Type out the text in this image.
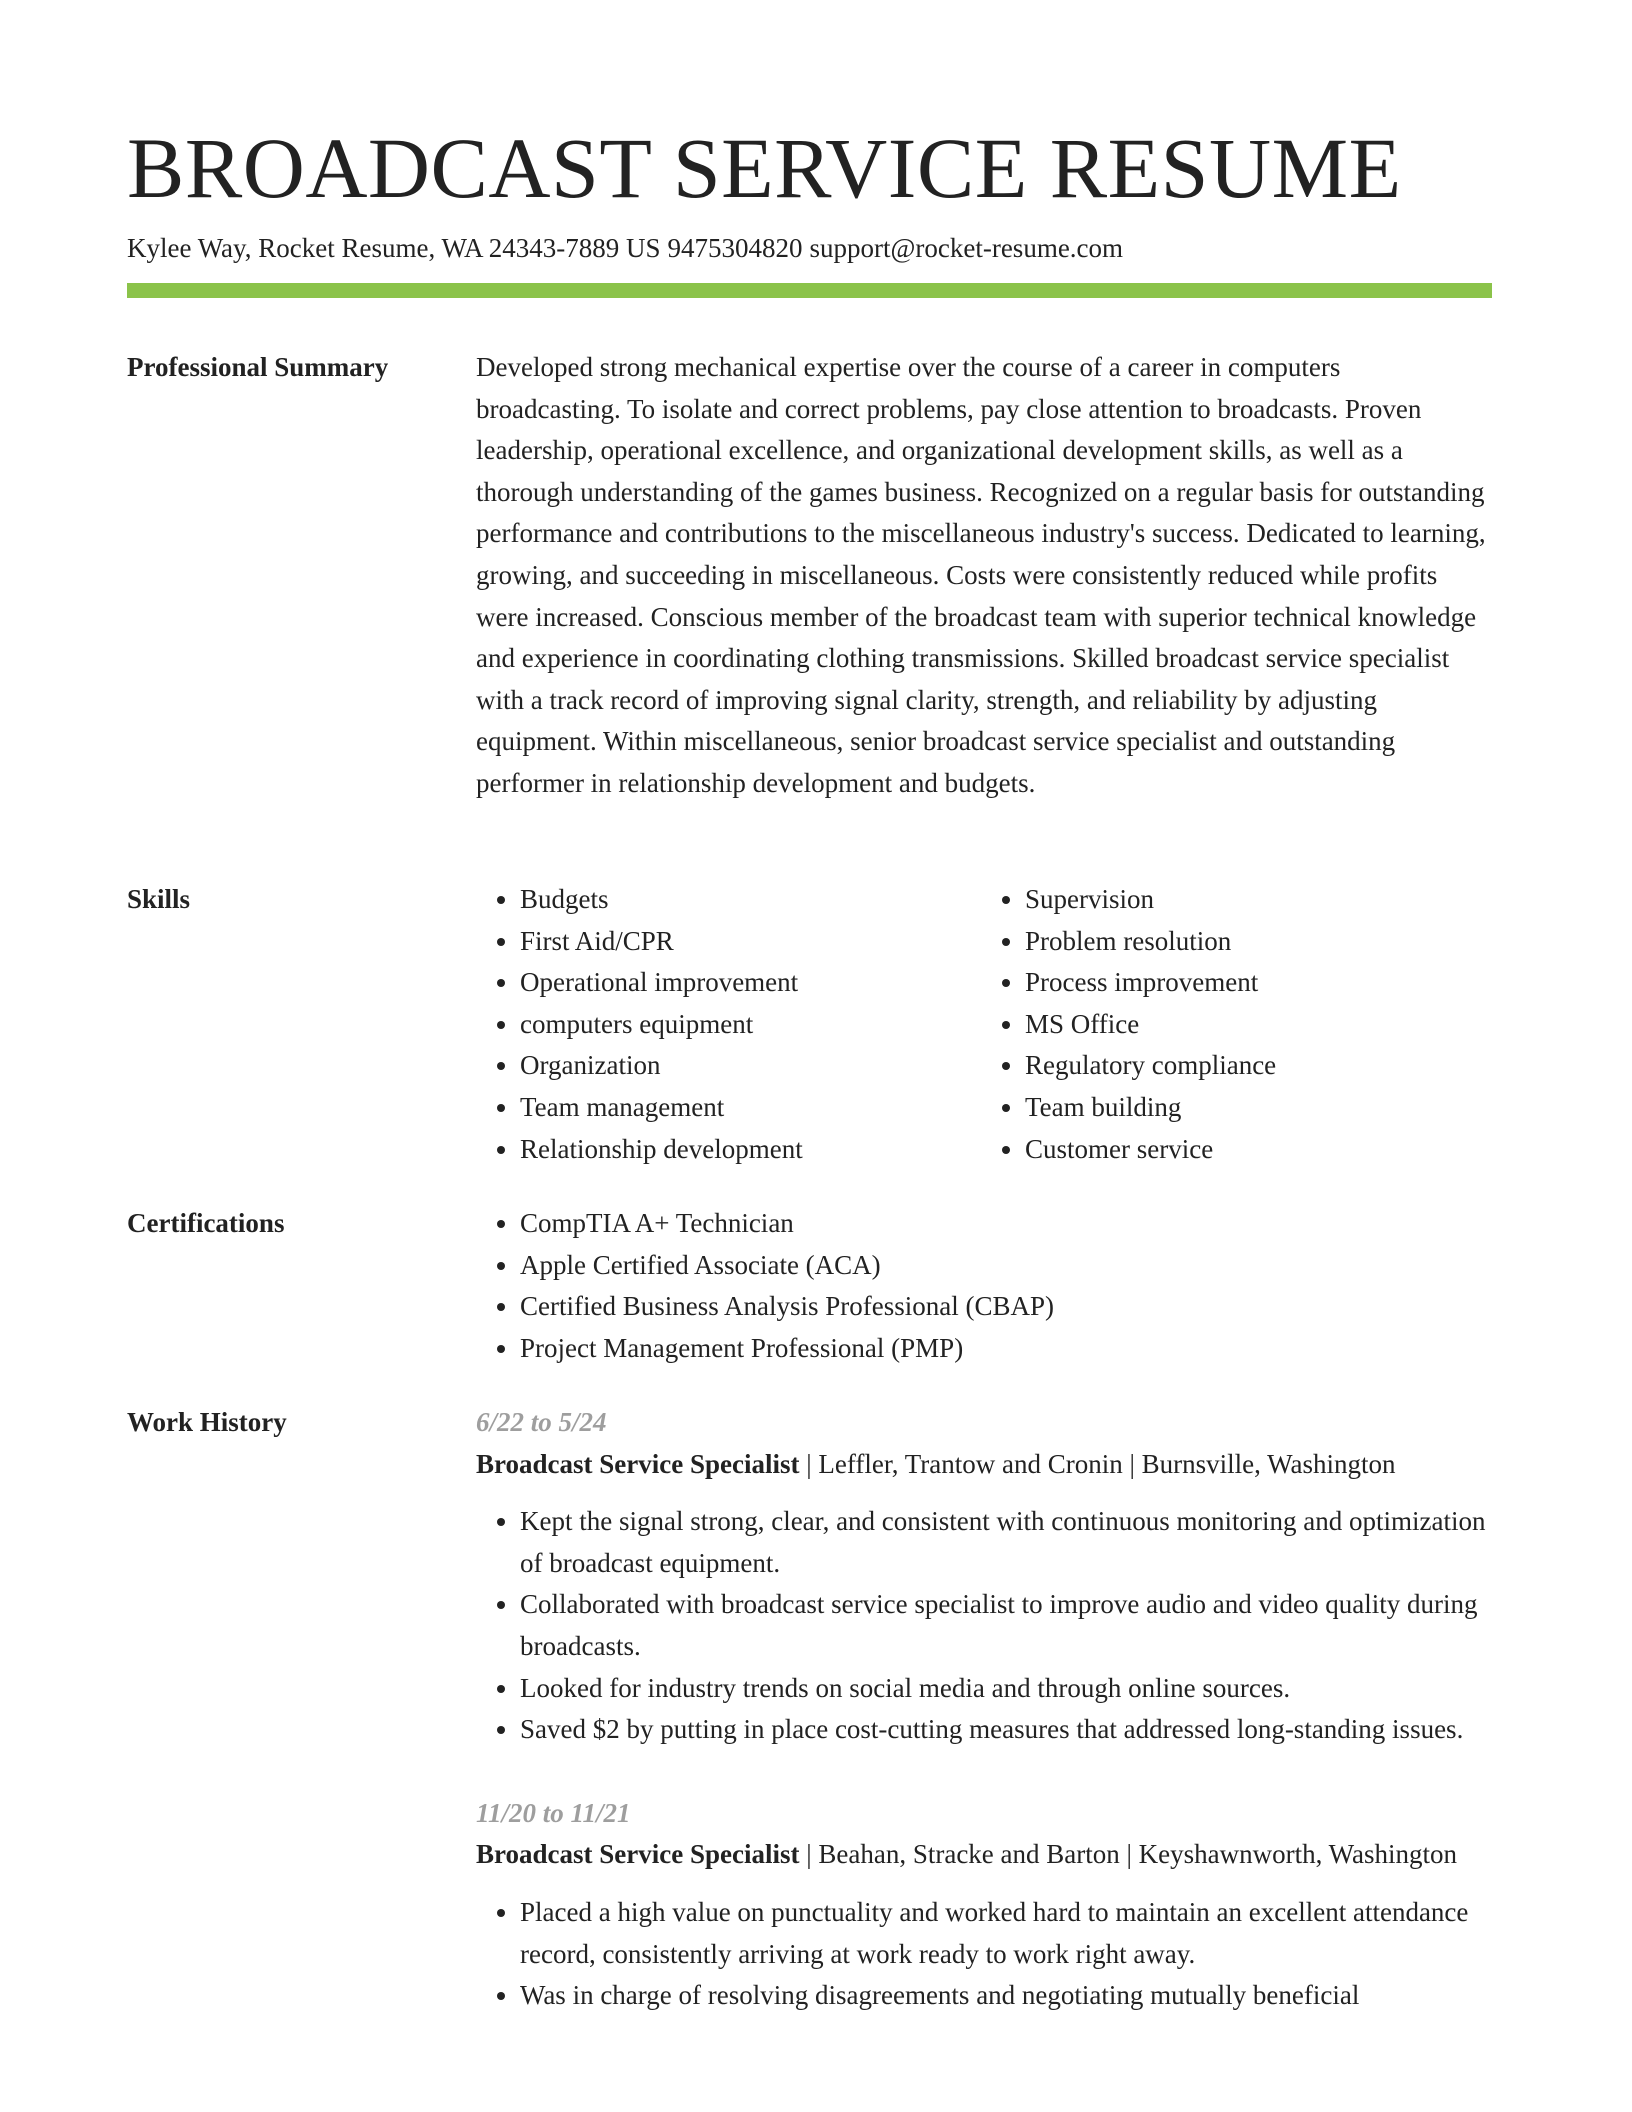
BROADCAST SERVICE RESUME
Kylee Way, Rocket Resume, WA 24343-7889 US 9475304820 support@rocket-resume.com
Professional Summary	Developed strong mechanical expertise over the course of a career in computers broadcasting. To isolate and correct problems, pay close attention to broadcasts. Proven leadership, operational excellence, and organizational development skills, as well as a thorough understanding of the games business. Recognized on a regular basis for outstanding performance and contributions to the miscellaneous industry's success. Dedicated to learning, growing, and succeeding in miscellaneous. Costs were consistently reduced while profits were increased. Conscious member of the broadcast team with superior technical knowledge and experience in coordinating clothing transmissions. Skilled broadcast service specialist with a track record of improving signal clarity, strength, and reliability by adjusting equipment. Within miscellaneous, senior broadcast service specialist and outstanding performer in relationship development and budgets.

Skills	• Budgets
• First Aid/CPR
• Operational improvement
• computers equipment
• Organization
• Team management
• Relationship development
• Supervision
• Problem resolution
• Process improvement
• MS Office
• Regulatory compliance
• Team building
• Customer service
Certifications	• CompTIA A+ Technician
• Apple Certified Associate (ACA)
• Certified Business Analysis Professional (CBAP)
• Project Management Professional (PMP)
Work History	6/22 to 5/24
Broadcast Service Specialist | Leffler, Trantow and Cronin | Burnsville, Washington
• Kept the signal strong, clear, and consistent with continuous monitoring and optimization of broadcast equipment.
• Collaborated with broadcast service specialist to improve audio and video quality during broadcasts.
• Looked for industry trends on social media and through online sources.
• Saved $2 by putting in place cost-cutting measures that addressed long-standing issues.
11/20 to 11/21
Broadcast Service Specialist | Beahan, Stracke and Barton | Keyshawnworth, Washington
• Placed a high value on punctuality and worked hard to maintain an excellent attendance record, consistently arriving at work ready to work right away.
• Was in charge of resolving disagreements and negotiating mutually beneficial
